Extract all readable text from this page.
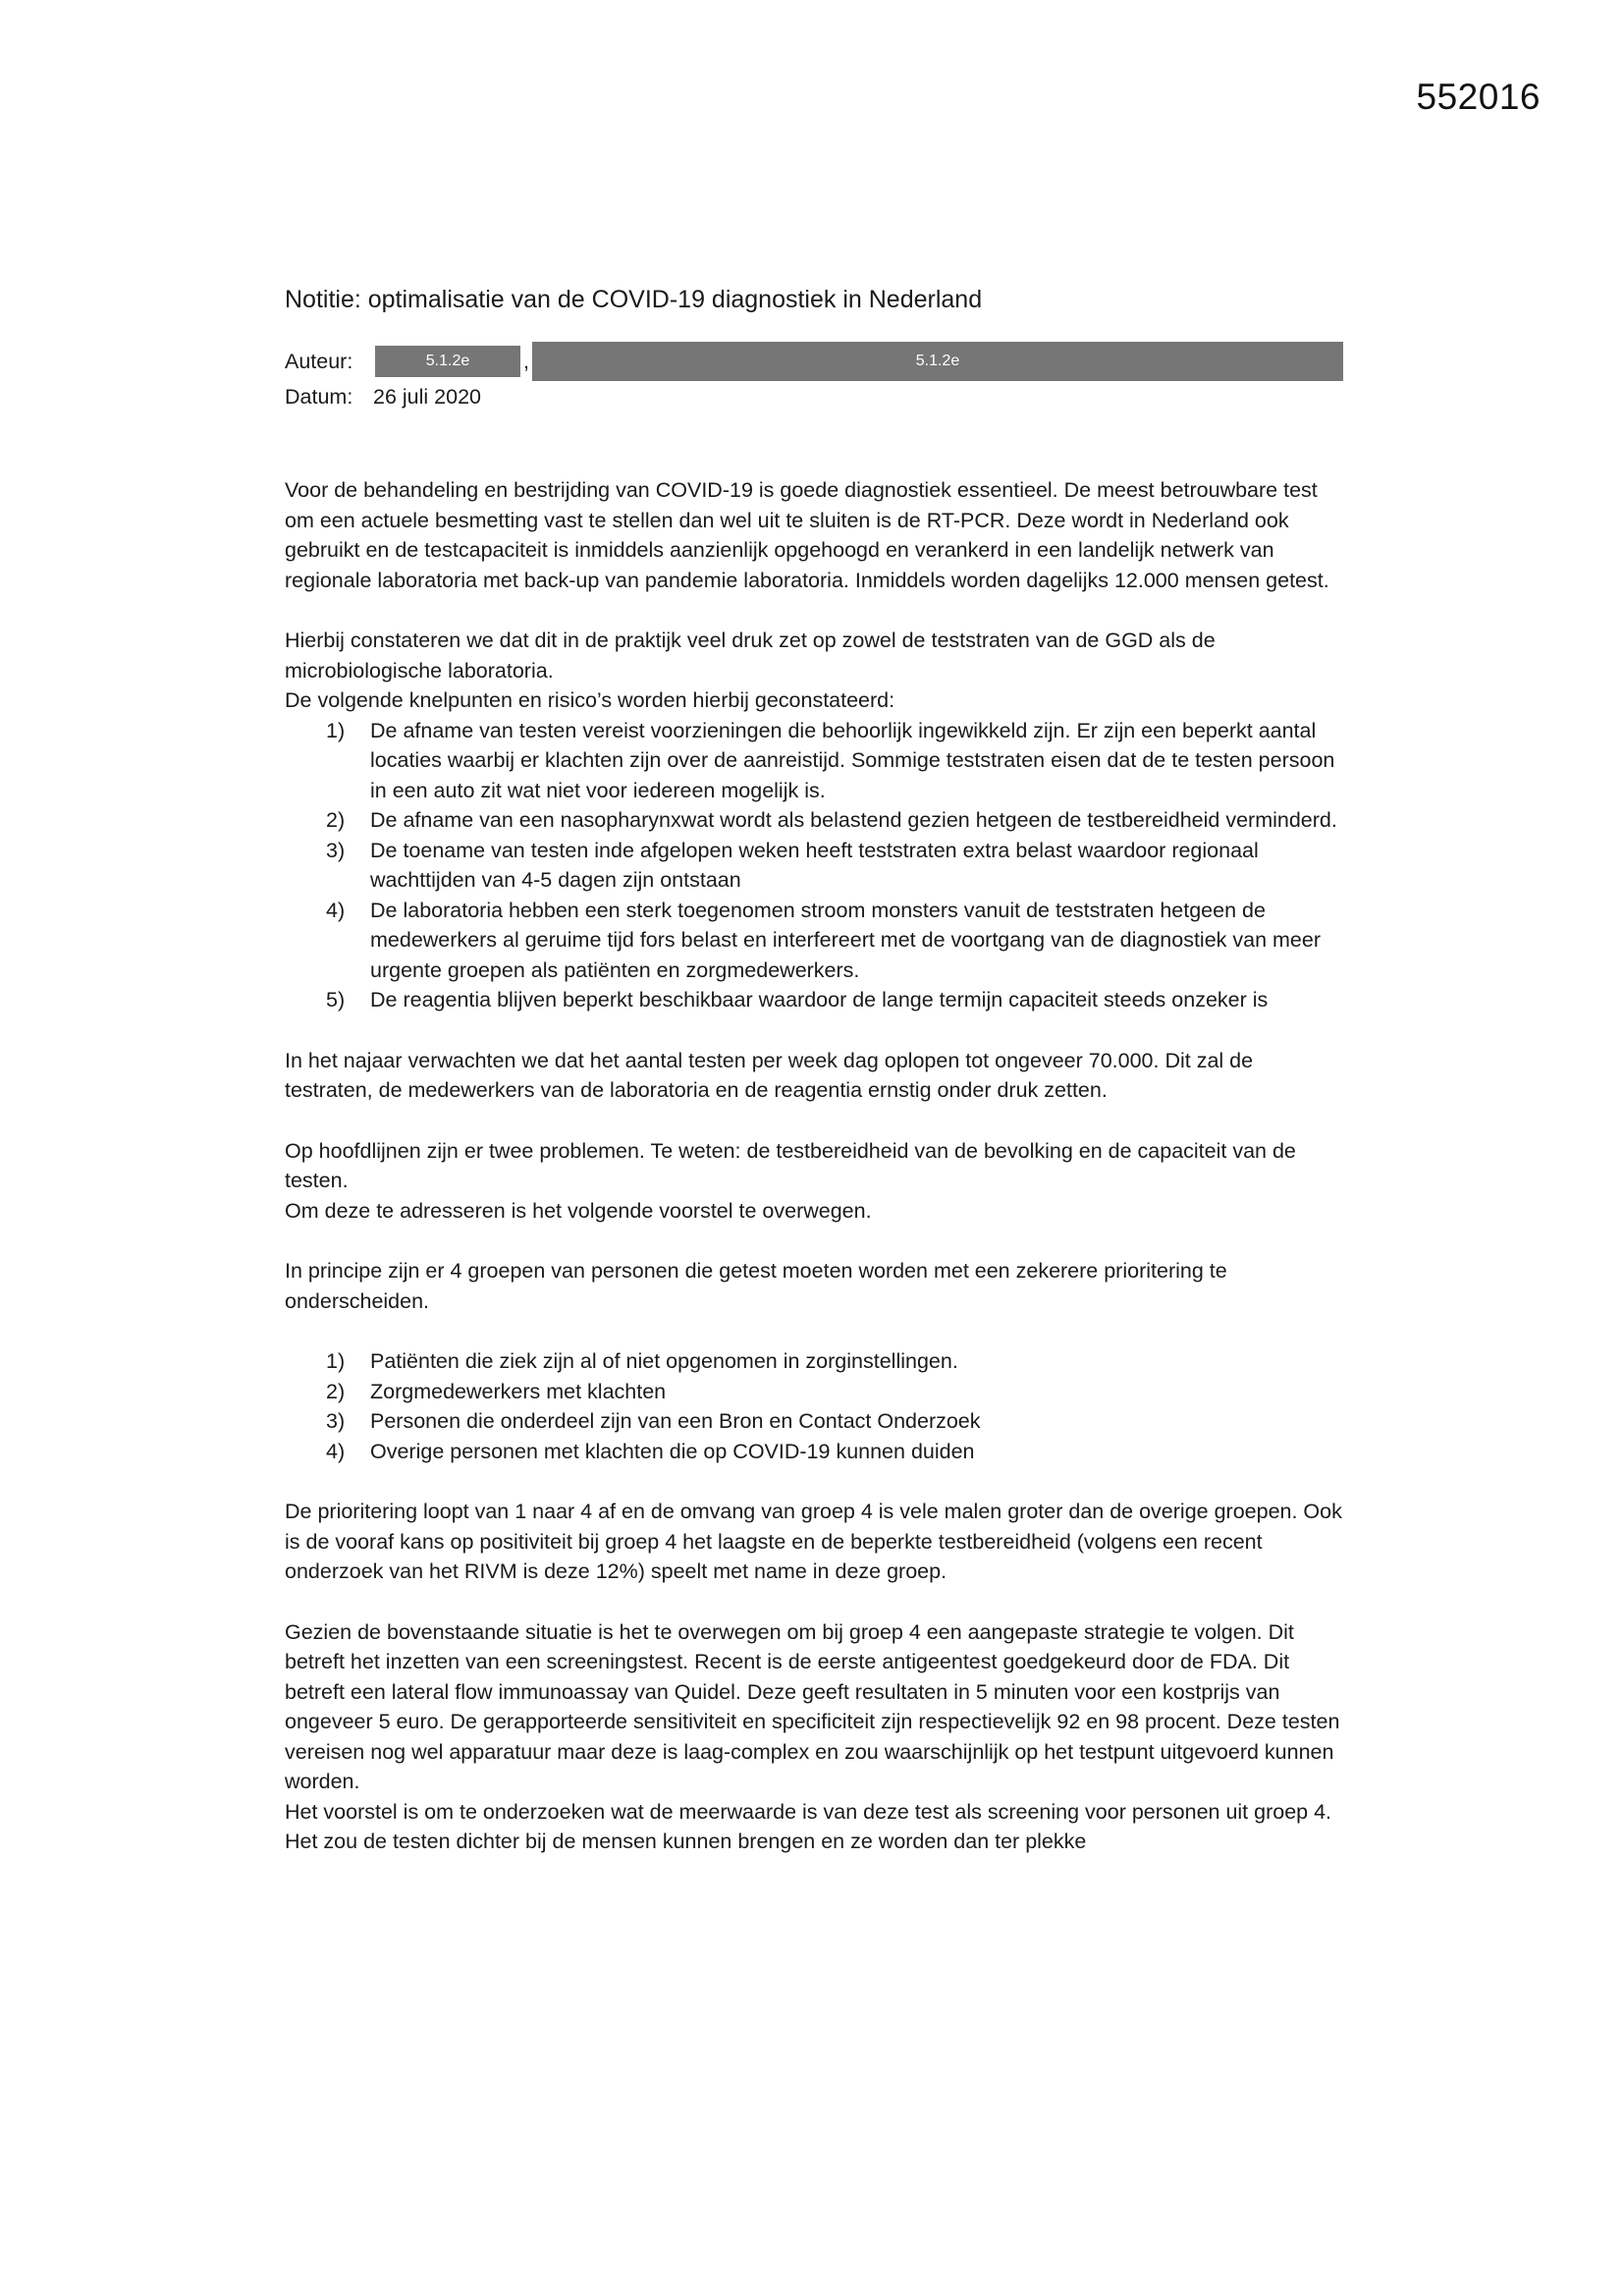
552016
Notitie: optimalisatie van de COVID-19 diagnostiek in Nederland
Auteur:	5.1.2e	,	5.1.2e
Datum: 26 juli 2020

Voor de behandeling en bestrijding van COVID-19 is goede diagnostiek essentieel. De meest betrouwbare test om een actuele besmetting vast te stellen dan wel uit te sluiten is de RT-PCR. Deze wordt in Nederland ook gebruikt en de testcapaciteit is inmiddels aanzienlijk opgehoogd en verankerd in een landelijk netwerk van regionale laboratoria met back-up van pandemie laboratoria. Inmiddels worden dagelijks 12.000 mensen getest.

Hierbij constateren we dat dit in de praktijk veel druk zet op zowel de teststraten van de GGD als de microbiologische laboratoria.

De volgende knelpunten en risico’s worden hierbij geconstateerd:

1) De afname van testen vereist voorzieningen die behoorlijk ingewikkeld zijn. Er zijn een beperkt aantal locaties waarbij er klachten zijn over de aanreistijd. Sommige teststraten eisen dat de te testen persoon in een auto zit wat niet voor iedereen mogelijk is.
2) De afname van een nasopharynxwat wordt als belastend gezien hetgeen de testbereidheid verminderd.
3) De toename van testen inde afgelopen weken heeft teststraten extra belast waardoor regionaal wachttijden van 4-5 dagen zijn ontstaan
4) De laboratoria hebben een sterk toegenomen stroom monsters vanuit de teststraten hetgeen de medewerkers al geruime tijd fors belast en interfereert met de voortgang van de diagnostiek van meer urgente groepen als patiënten en zorgmedewerkers.
5) De reagentia blijven beperkt beschikbaar waardoor de lange termijn capaciteit steeds onzeker is

In het najaar verwachten we dat het aantal testen per week dag oplopen tot ongeveer 70.000. Dit zal de testraten, de medewerkers van de laboratoria en de reagentia ernstig onder druk zetten.

Op hoofdlijnen zijn er twee problemen. Te weten: de testbereidheid van de bevolking en de capaciteit van de testen.

Om deze te adresseren is het volgende voorstel te overwegen.

In principe zijn er 4 groepen van personen die getest moeten worden met een zekerere prioritering te onderscheiden.

1) Patiënten die ziek zijn al of niet opgenomen in zorginstellingen.
2) Zorgmedewerkers met klachten
3) Personen die onderdeel zijn van een Bron en Contact Onderzoek
4) Overige personen met klachten die op COVID-19 kunnen duiden

De prioritering loopt van 1 naar 4 af en de omvang van groep 4 is vele malen groter dan de overige groepen. Ook is de vooraf kans op positiviteit bij groep 4 het laagste en de beperkte testbereidheid (volgens een recent onderzoek van het RIVM is deze 12%) speelt met name in deze groep.

Gezien de bovenstaande situatie is het te overwegen om bij groep 4 een aangepaste strategie te volgen. Dit betreft het inzetten van een screeningstest. Recent is de eerste antigeentest goedgekeurd door de FDA. Dit betreft een lateral flow immunoassay van Quidel. Deze geeft resultaten in 5 minuten voor een kostprijs van ongeveer 5 euro. De gerapporteerde sensitiviteit en specificiteit zijn respectievelijk 92 en 98 procent. Deze testen vereisen nog wel apparatuur maar deze is laag-complex en zou waarschijnlijk op het testpunt uitgevoerd kunnen worden.

Het voorstel is om te onderzoeken wat de meerwaarde is van deze test als screening voor personen uit groep 4. Het zou de testen dichter bij de mensen kunnen brengen en ze worden dan ter plekke
